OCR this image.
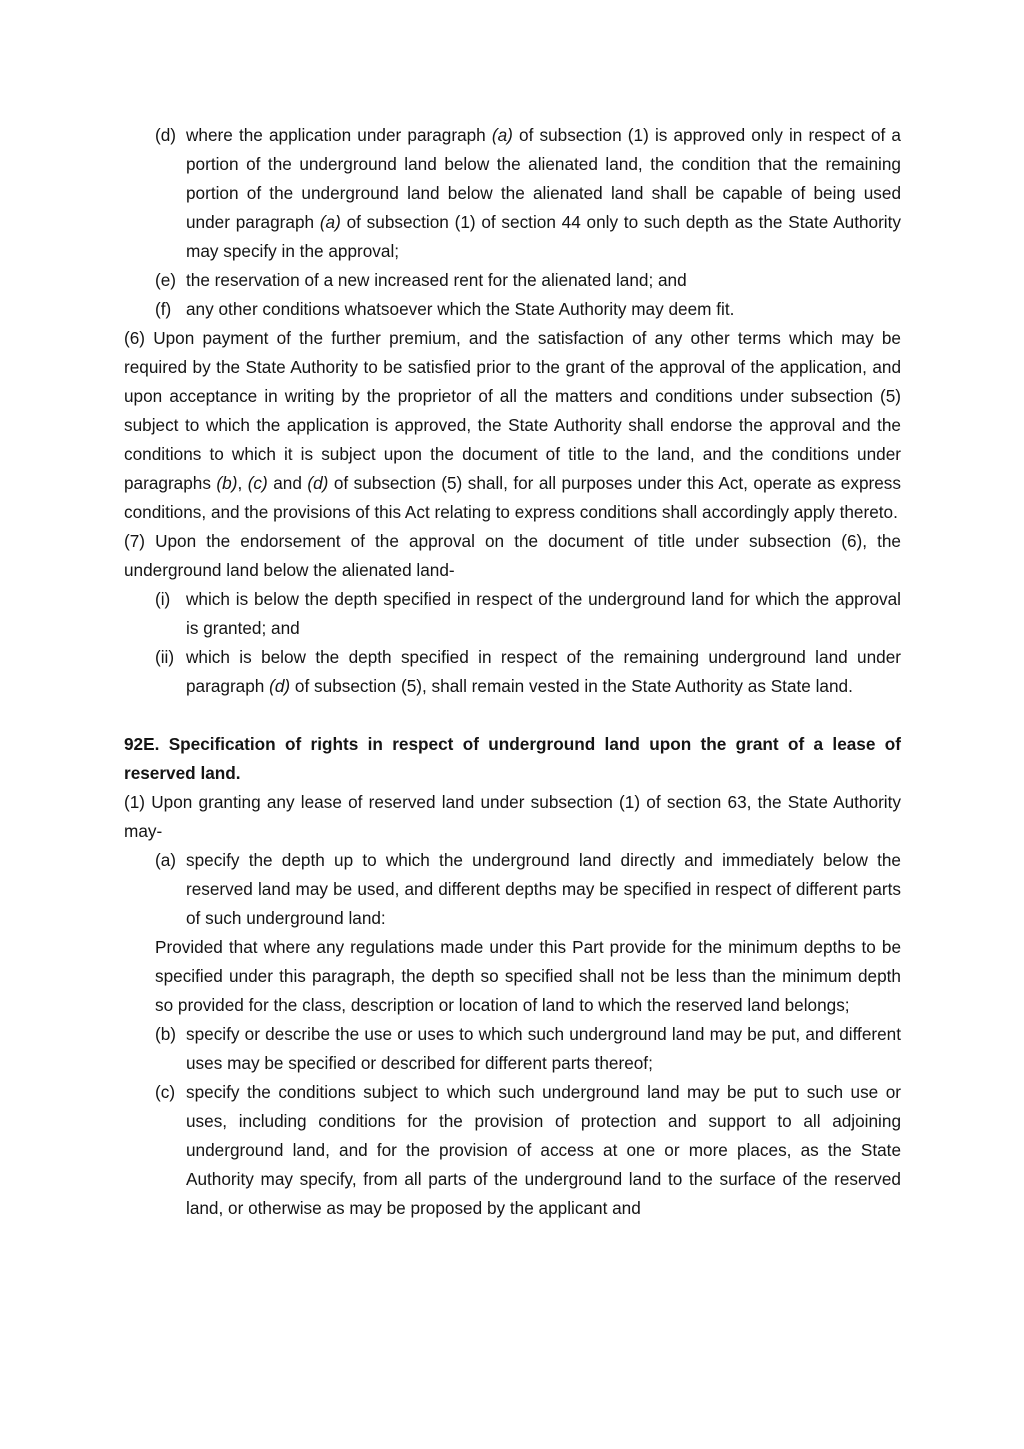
(d) where the application under paragraph (a) of subsection (1) is approved only in respect of a portion of the underground land below the alienated land, the condition that the remaining portion of the underground land below the alienated land shall be capable of being used under paragraph (a) of subsection (1) of section 44 only to such depth as the State Authority may specify in the approval;
(e) the reservation of a new increased rent for the alienated land; and
(f) any other conditions whatsoever which the State Authority may deem fit.

(6) Upon payment of the further premium, and the satisfaction of any other terms which may be required by the State Authority to be satisfied prior to the grant of the approval of the application, and upon acceptance in writing by the proprietor of all the matters and conditions under subsection (5) subject to which the application is approved, the State Authority shall endorse the approval and the conditions to which it is subject upon the document of title to the land, and the conditions under paragraphs (b), (c) and (d) of subsection (5) shall, for all purposes under this Act, operate as express conditions, and the provisions of this Act relating to express conditions shall accordingly apply thereto.

(7) Upon the endorsement of the approval on the document of title under subsection (6), the underground land below the alienated land-

(i) which is below the depth specified in respect of the underground land for which the approval is granted; and
(ii) which is below the depth specified in respect of the remaining underground land under paragraph (d) of subsection (5), shall remain vested in the State Authority as State land.

92E. Specification of rights in respect of underground land upon the grant of a lease of reserved land.

(1) Upon granting any lease of reserved land under subsection (1) of section 63, the State Authority may-

(a) specify the depth up to which the underground land directly and immediately below the reserved land may be used, and different depths may be specified in respect of different parts of such underground land:

Provided that where any regulations made under this Part provide for the minimum depths to be specified under this paragraph, the depth so specified shall not be less than the minimum depth so provided for the class, description or location of land to which the reserved land belongs;

(b) specify or describe the use or uses to which such underground land may be put, and different uses may be specified or described for different parts thereof;
(c) specify the conditions subject to which such underground land may be put to such use or uses, including conditions for the provision of protection and support to all adjoining underground land, and for the provision of access at one or more places, as the State Authority may specify, from all parts of the underground land to the surface of the reserved land, or otherwise as may be proposed by the applicant and
